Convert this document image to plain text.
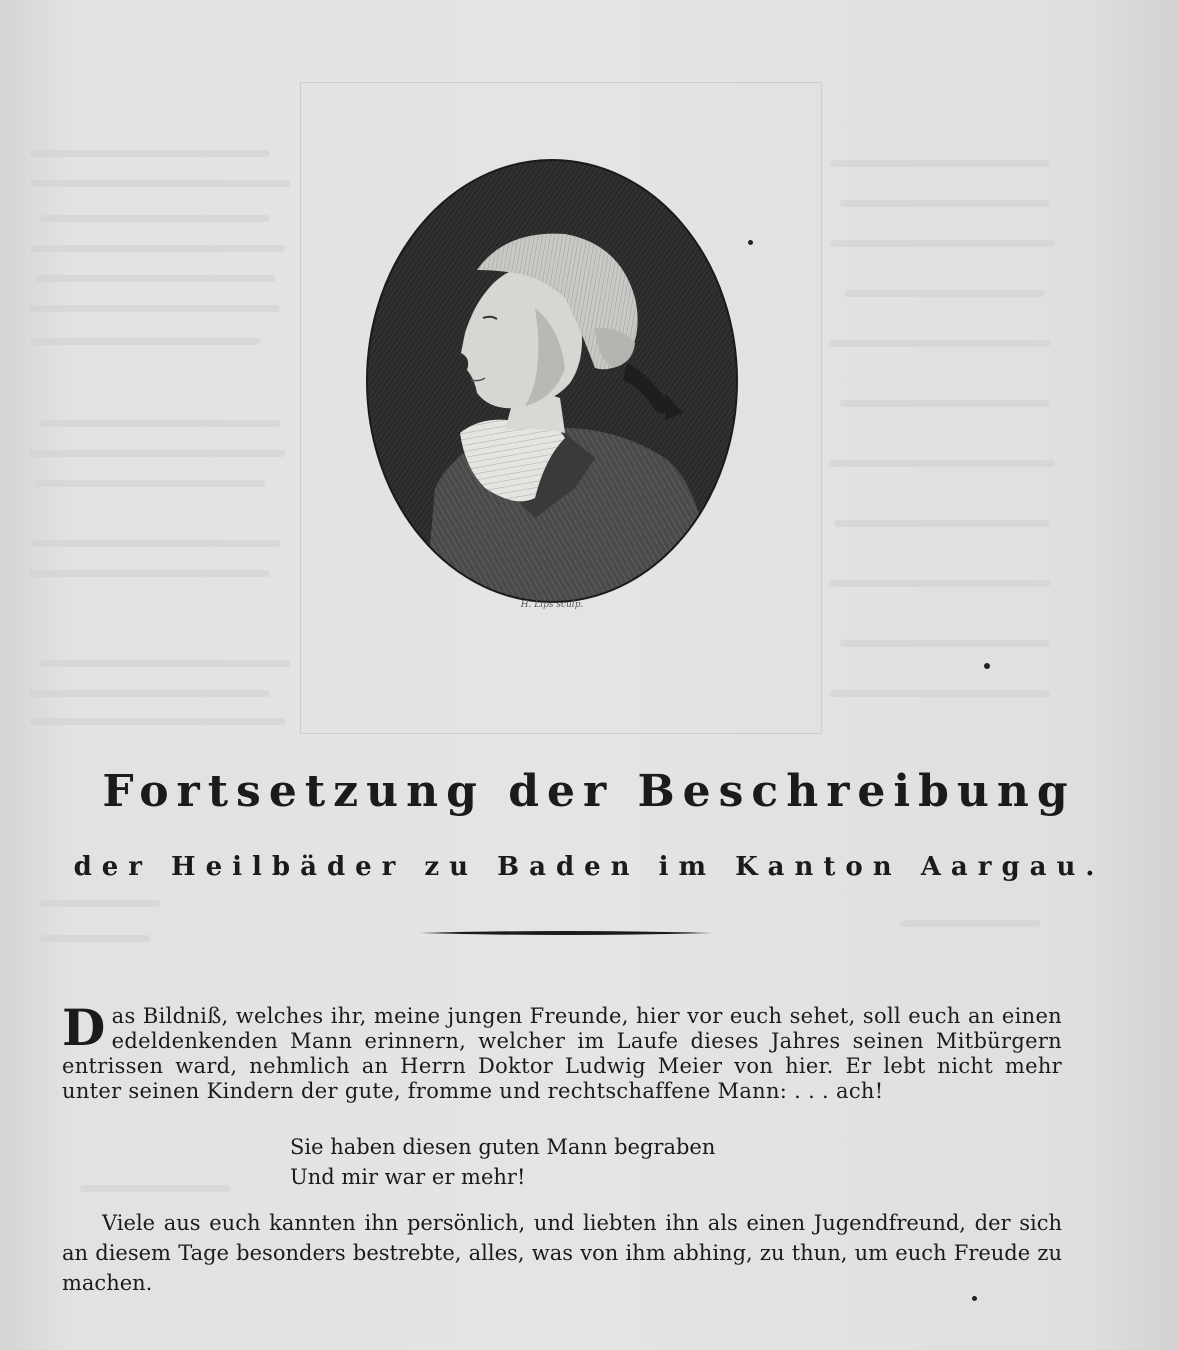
H. Lips sculp.
Fortsetzung der Beschreibung
der Heilbäder zu Baden im Kanton Aargau.
Das Bildniß, welches ihr, meine jungen Freunde, hier vor euch sehet, soll euch an einen edeldenkenden Mann erinnern, welcher im Laufe dieses Jahres seinen Mitbürgern entrissen ward, nehmlich an Herrn Doktor Ludwig Meier von hier. Er lebt nicht mehr unter seinen Kindern der gute, fromme und rechtschaffene Mann: . . . ach!
Sie haben diesen guten Mann begraben
Und mir war er mehr!
Viele aus euch kannten ihn persönlich, und liebten ihn als einen Jugendfreund, der sich an diesem Tage besonders bestrebte, alles, was von ihm abhing, zu thun, um euch Freude zu machen.
